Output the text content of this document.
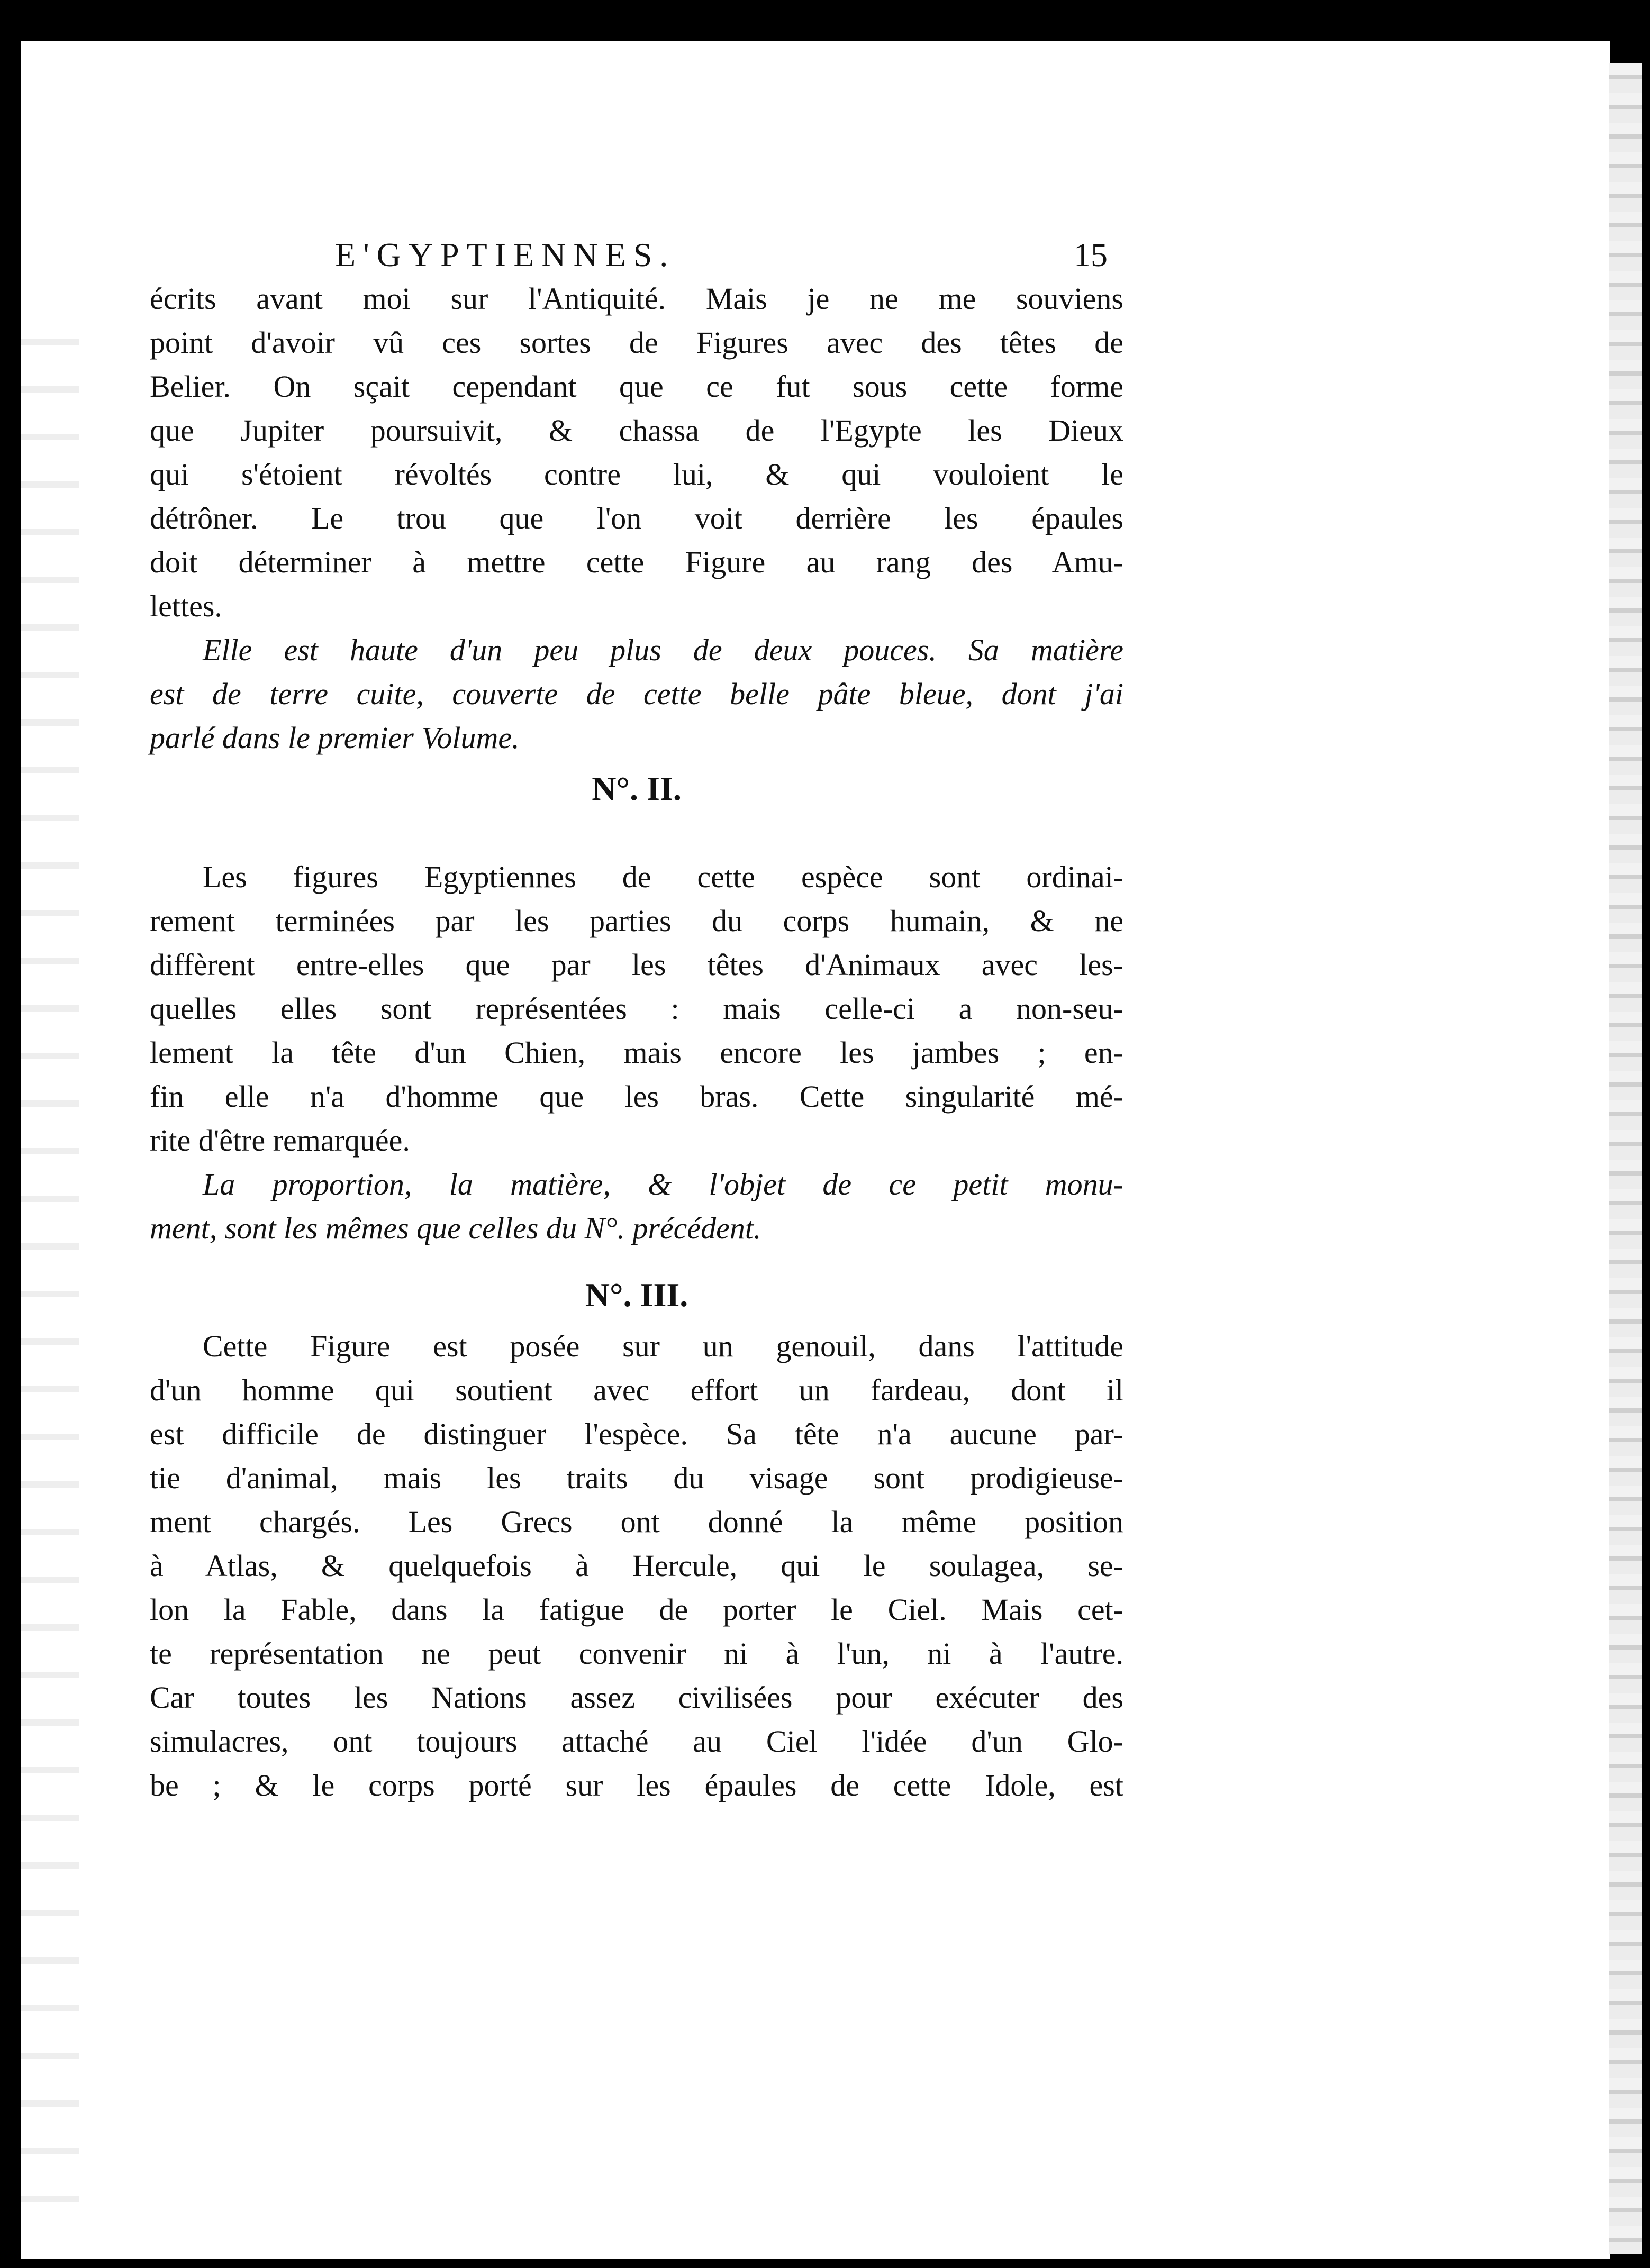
E'GYPTIENNES.	15
écrits avant moi sur l'Antiquité. Mais je ne me souviens
point d'avoir vû ces sortes de Figures avec des têtes de
Belier. On sçait cependant que ce fut sous cette forme
que Jupiter poursuivit, & chassa de l'Egypte les Dieux
qui s'étoient révoltés contre lui, & qui vouloient le
détrôner. Le trou que l'on voit derrière les épaules
doit déterminer à mettre cette Figure au rang des Amu-
lettes.
Elle est haute d'un peu plus de deux pouces. Sa matière
est de terre cuite, couverte de cette belle pâte bleue, dont j'ai
parlé dans le premier Volume.
N°. II.
Les figures Egyptiennes de cette espèce sont ordinai-
rement terminées par les parties du corps humain, & ne
diffèrent entre-elles que par les têtes d'Animaux avec les-
quelles elles sont représentées : mais celle-ci a non-seu-
lement la tête d'un Chien, mais encore les jambes ; en-
fin elle n'a d'homme que les bras. Cette singularité mé-
rite d'être remarquée.
La proportion, la matière, & l'objet de ce petit monu-
ment, sont les mêmes que celles du N°. précédent.
N°. III.
Cette Figure est posée sur un genouil, dans l'attitude
d'un homme qui soutient avec effort un fardeau, dont il
est difficile de distinguer l'espèce. Sa tête n'a aucune par-
tie d'animal, mais les traits du visage sont prodigieuse-
ment chargés. Les Grecs ont donné la même position
à Atlas, & quelquefois à Hercule, qui le soulagea, se-
lon la Fable, dans la fatigue de porter le Ciel. Mais cet-
te représentation ne peut convenir ni à l'un, ni à l'autre.
Car toutes les Nations assez civilisées pour exécuter des
simulacres, ont toujours attaché au Ciel l'idée d'un Glo-
be ; & le corps porté sur les épaules de cette Idole, est
